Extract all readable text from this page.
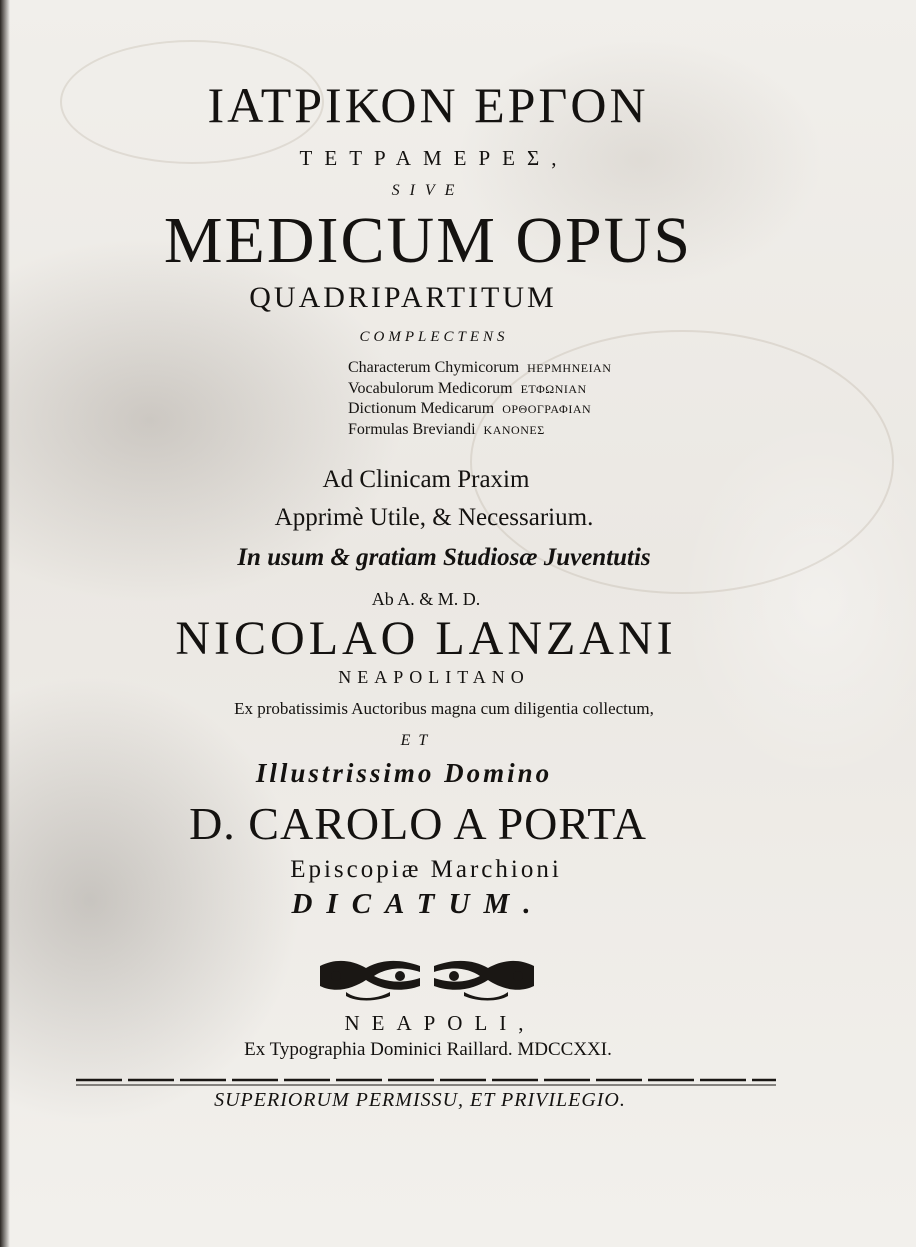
ΙΑΤΡΙΚΟΝ ΕΡΓΟΝ
ΤΕΤΡΑΜΕΡΕΣ,
SIVE
MEDICUM OPUS
QUADRIPARTITUM
COMPLECTENS
Characterum Chymicorum ΗΕΡΜΗΝΕΙΑΝ
Vocabulorum Medicorum ΕΤΦΩΝΙΑΝ
Dictionum Medicarum ΟΡΘΟΓΡΑΦΙΑΝ
Formulas Breviandi ΚΑΝΟΝΕΣ
Ad Clinicam Praxim
Apprimè Utile, & Necessarium.
In usum & gratiam Studiosæ Juventutis
Ab A. & M. D.
NICOLAO LANZANI
NEAPOLITANO
Ex probatissimis Auctoribus magna cum diligentia collectum,
ET
Illustrissimo Domino
D. CAROLO A PORTA
Episcopiæ Marchioni
DICATUM.
NEAPOLI,
Ex Typographia Dominici Raillard. MDCCXXI.
SUPERIORUM PERMISSU, ET PRIVILEGIO.
